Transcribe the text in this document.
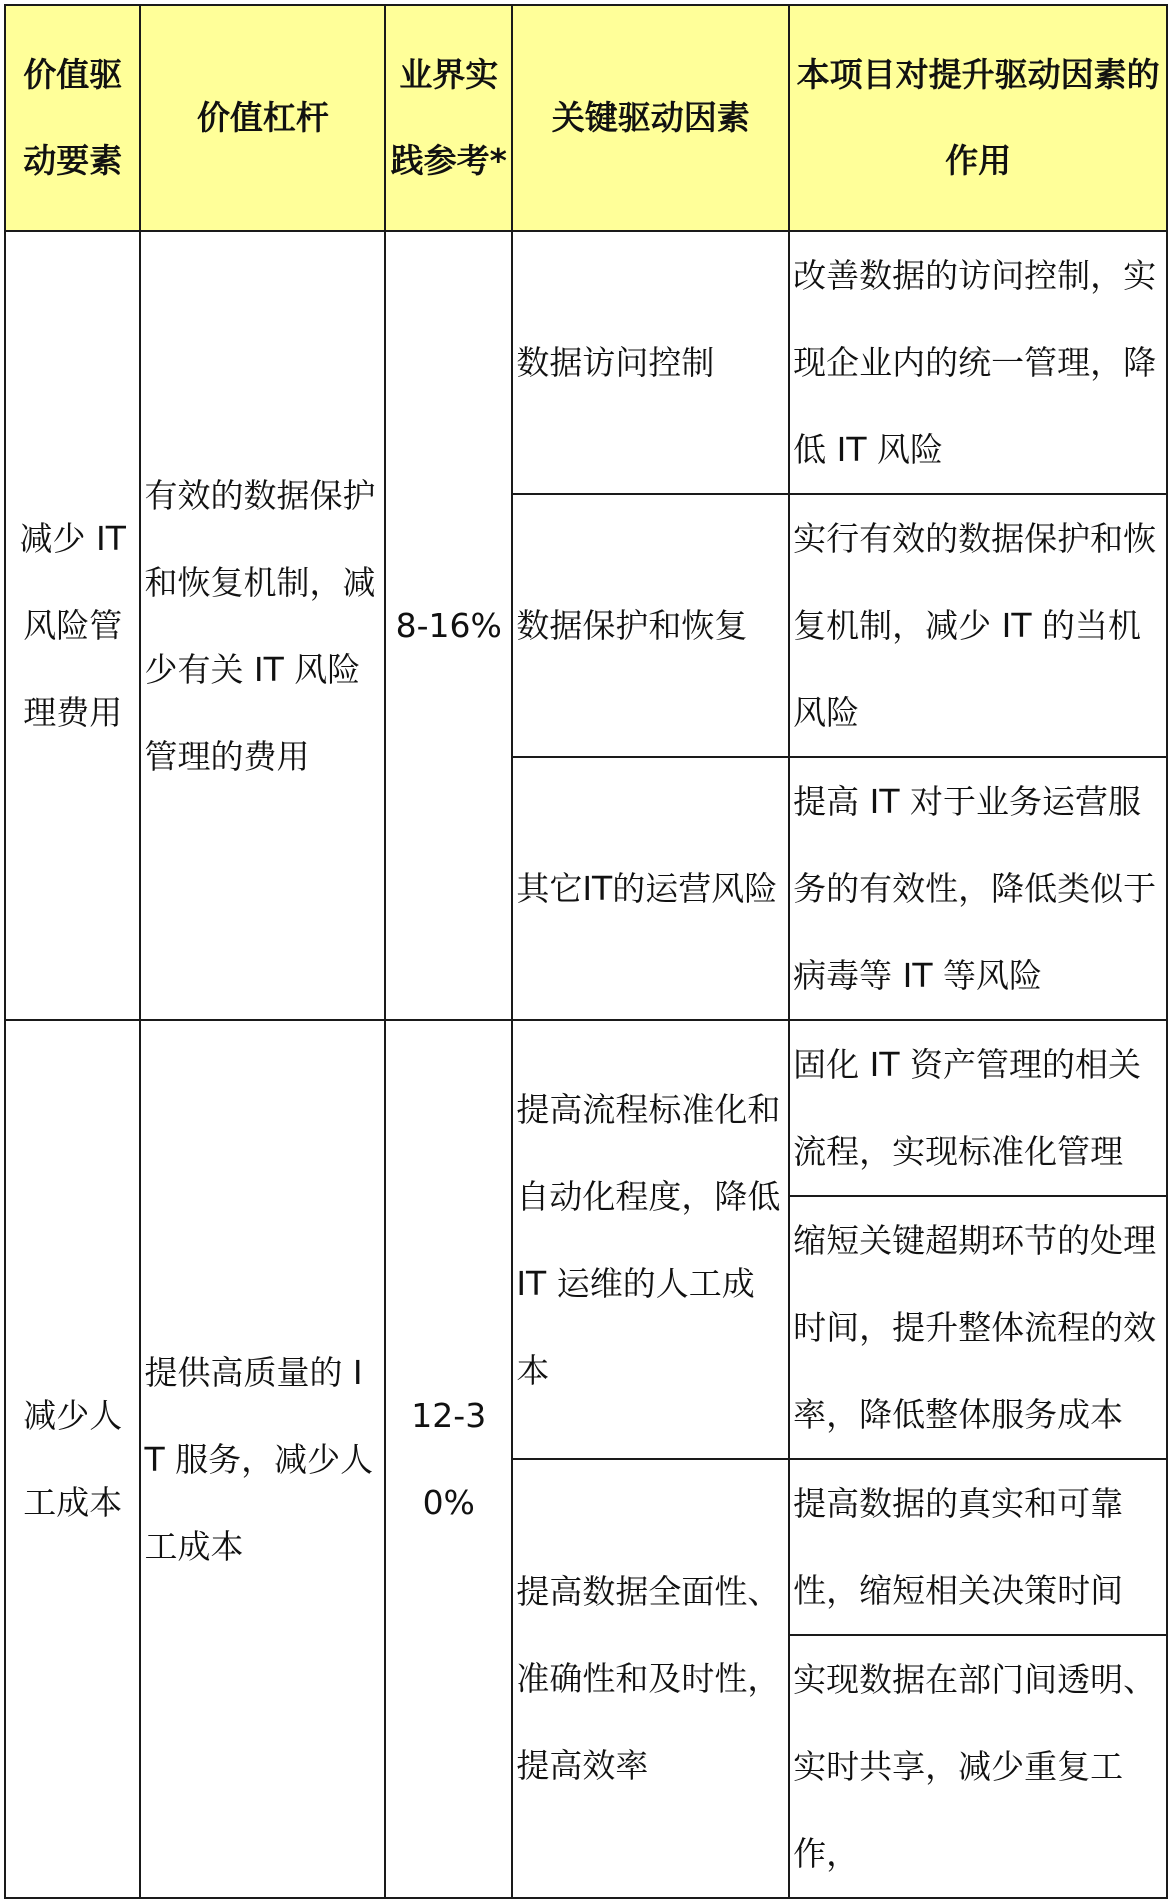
价值驱动要素	价值杠杆	业界实践参考*	关键驱动因素	本项目对提升驱动因素的作用
减少 IT 风险管理费用	有效的数据保护和恢复机制，减少有关 IT 风险管理的费用	8-16%	数据访问控制	改善数据的访问控制，实现企业内的统一管理，降低 IT 风险
			数据保护和恢复	实行有效的数据保护和恢复机制，减少 IT 的当机风险
			其它IT的运营风险	提高 IT 对于业务运营服务的有效性，降低类似于病毒等 IT 等风险
减少人工成本	提供高质量的 IT 服务，减少人工成本	12-30%	提高流程标准化和自动化程度，降低 IT 运维的人工成本	固化 IT 资产管理的相关流程，实现标准化管理
				缩短关键超期环节的处理时间，提升整体流程的效率，降低整体服务成本
			提高数据全面性、准确性和及时性，提高效率	提高数据的真实和可靠性，缩短相关决策时间
				实现数据在部门间透明、实时共享，减少重复工作，
